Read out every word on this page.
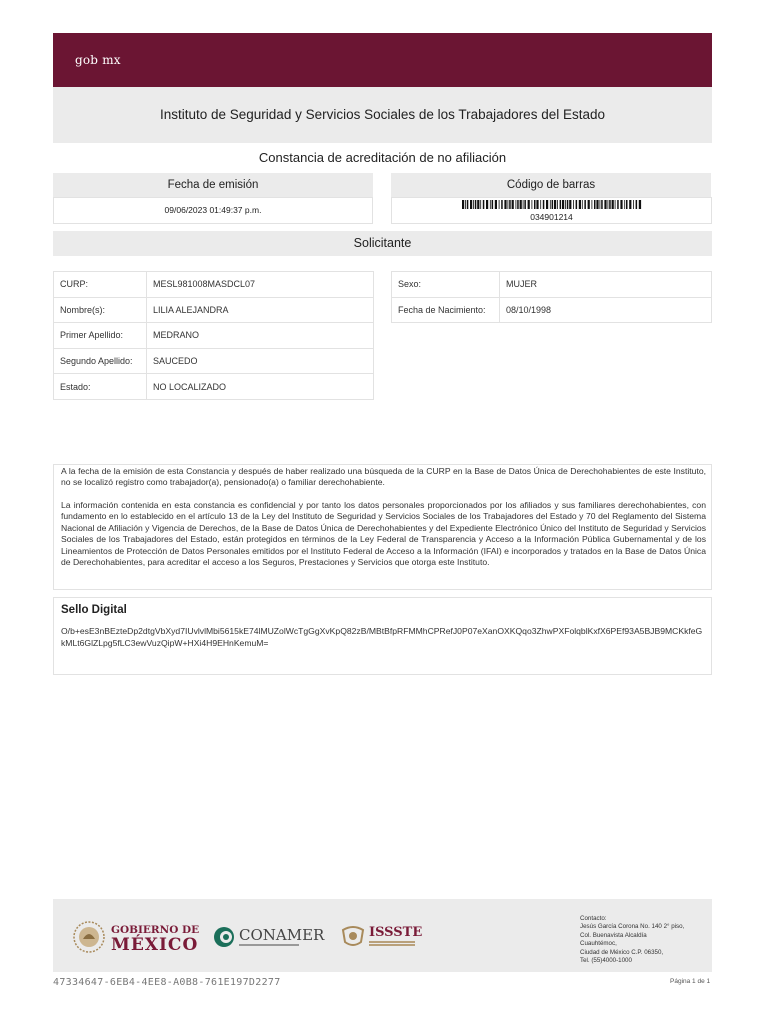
gob mx
Instituto de Seguridad y Servicios Sociales de los Trabajadores del Estado
Constancia de acreditación de no afiliación
Fecha de emisión
09/06/2023 01:49:37 p.m.
Código de barras
034901214
Solicitante
CURP:	MESL981008MASDCL07
Nombre(s):	LILIA ALEJANDRA
Primer Apellido:	MEDRANO
Segundo Apellido:	SAUCEDO
Estado:	NO LOCALIZADO
Sexo:	MUJER
Fecha de Nacimiento:	08/10/1998

A la fecha de la emisión de esta Constancia y después de haber realizado una búsqueda de la CURP en la Base de Datos Única de Derechohabientes de este Instituto, no se localizó registro como trabajador(a), pensionado(a) o familiar derechohabiente.

La información contenida en esta constancia es confidencial y por tanto los datos personales proporcionados por los afiliados y sus familiares derechohabientes, con fundamento en lo establecido en el artículo 13 de la Ley del Instituto de Seguridad y Servicios Sociales de los Trabajadores del Estado y 70 del Reglamento del Sistema Nacional de Afiliación y Vigencia de Derechos, de la Base de Datos Única de Derechohabientes y del Expediente Electrónico Único del Instituto de Seguridad y Servicios Sociales de los Trabajadores del Estado, están protegidos en términos de la Ley Federal de Transparencia y Acceso a la Información Pública Gubernamental y de los Lineamientos de Protección de Datos Personales emitidos por el Instituto Federal de Acceso a la Información (IFAI) e incorporados y tratados en la Base de Datos Única de Derechohabientes, para acreditar el acceso a los Seguros, Prestaciones y Servicios que otorga este Instituto.

Sello Digital
O/b+esE3nBEzteDp2dtgVbXyd7IUvlvlMbi5615kE74lMUZolWcTgGgXvKpQ82zB/MBtBfpRFMMhCPRefJ0P07eXanOXKQqo3ZhwPXFolqblKxfX6PEf93A5BJB9MCKkfeGkMLt6GlZLpg5fLC3ewVuzQipW+HXi4H9EHnKemuM=
GOBIERNO DE
MÉXICO	CONAMER	ISSSTE
Contacto:
Jesús García Corona No. 140 2° piso,
Col. Buenavista Alcaldía
Cuauhtémoc,
Ciudad de México C.P. 06350,
Tel. (55)4000-1000
47334647-6EB4-4EE8-A0B8-761E197D2277	Página 1 de 1
